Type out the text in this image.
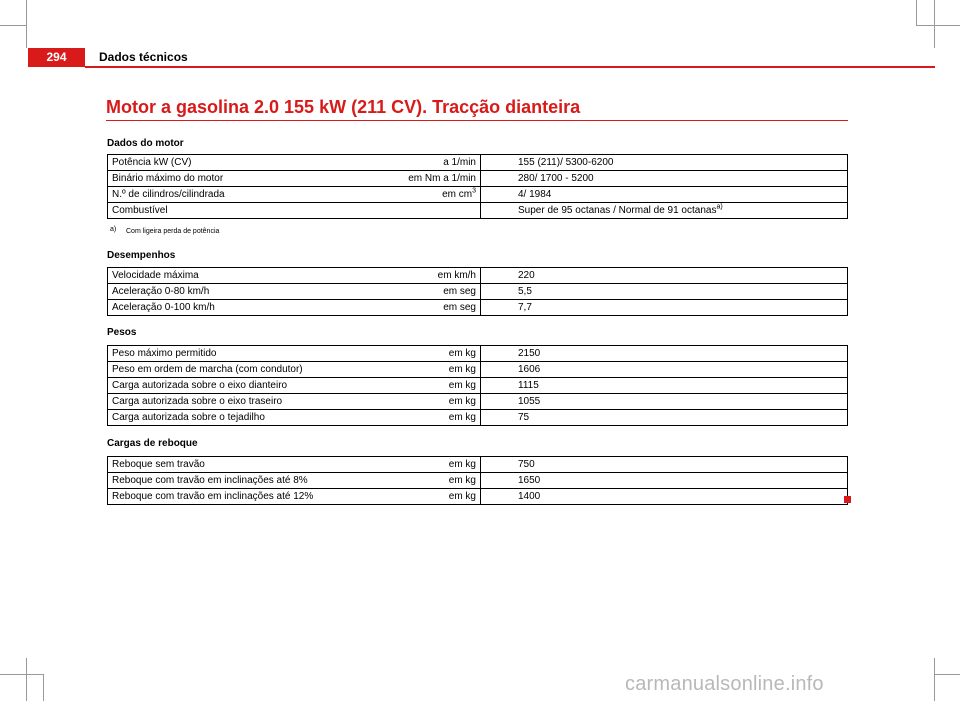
294	Dados técnicos
Motor a gasolina 2.0 155 kW (211 CV). Tracção dianteira
Dados do motor
Potência kW (CV)	a 1/min	155 (211)/ 5300-6200
Binário máximo do motor	em Nm a 1/min	280/ 1700 - 5200
N.º de cilindros/cilindrada	em $cm^3$	4/ 1984
Combustível		Super de 95 octanas / Normal de 91 octanas$^{a)}$
a) Com ligeira perda de potência
Desempenhos
Velocidade máxima	em km/h	220
Aceleração 0-80 km/h	em seg	5,5
Aceleração 0-100 km/h	em seg	7,7
Pesos
Peso máximo permitido	em kg	2150
Peso em ordem de marcha (com condutor)	em kg	1606
Carga autorizada sobre o eixo dianteiro	em kg	1115
Carga autorizada sobre o eixo traseiro	em kg	1055
Carga autorizada sobre o tejadilho	em kg	75
Cargas de reboque
Reboque sem travão	em kg	750
Reboque com travão em inclinações até 8%	em kg	1650
Reboque com travão em inclinações até 12%	em kg	1400
carmanualsonline.info
